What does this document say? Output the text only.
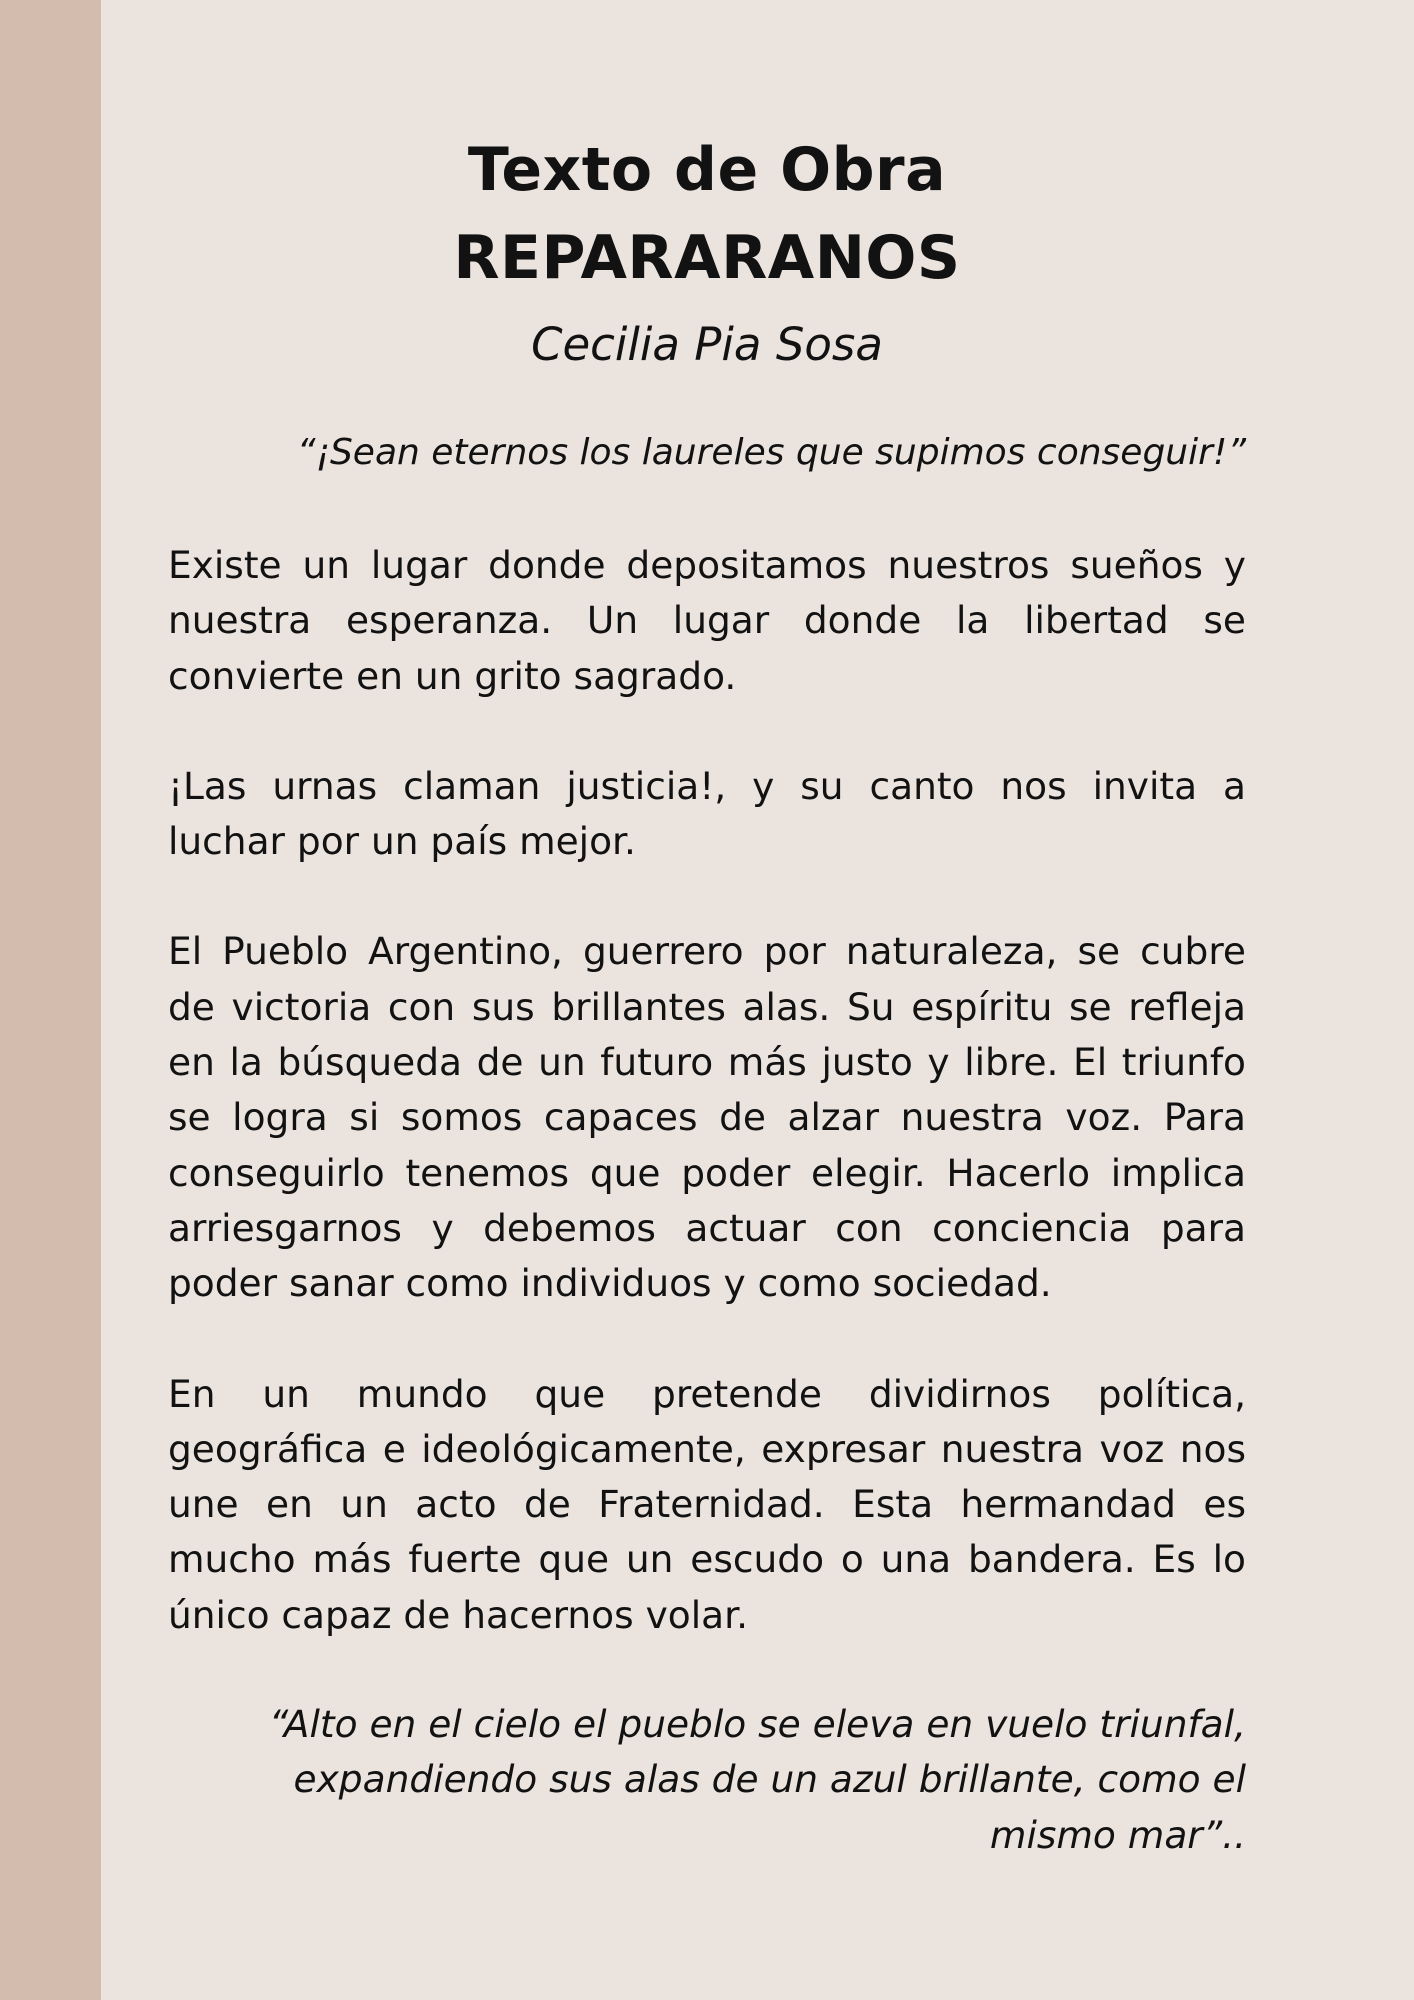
Texto de Obra
REPARARANOS

Cecilia Pia Sosa

“¡Sean eternos los laureles que supimos conseguir!”

Existe un lugar donde depositamos nuestros sueños y nuestra esperanza. Un lugar donde la libertad se convierte en un grito sagrado.

¡Las urnas claman justicia!, y su canto nos invita a luchar por un país mejor.

El Pueblo Argentino, guerrero por naturaleza, se cubre de victoria con sus brillantes alas. Su espíritu se refleja en la búsqueda de un futuro más justo y libre. El triunfo se logra si somos capaces de alzar nuestra voz. Para conseguirlo tenemos que poder elegir. Hacerlo implica arriesgarnos y debemos actuar con conciencia para poder sanar como individuos y como sociedad.

En un mundo que pretende dividirnos política, geográfica e ideológicamente, expresar nuestra voz nos une en un acto de Fraternidad. Esta hermandad es mucho más fuerte que un escudo o una bandera. Es lo único capaz de hacernos volar.

“Alto en el cielo el pueblo se eleva en vuelo triunfal, expandiendo sus alas de un azul brillante, como el mismo mar”..
